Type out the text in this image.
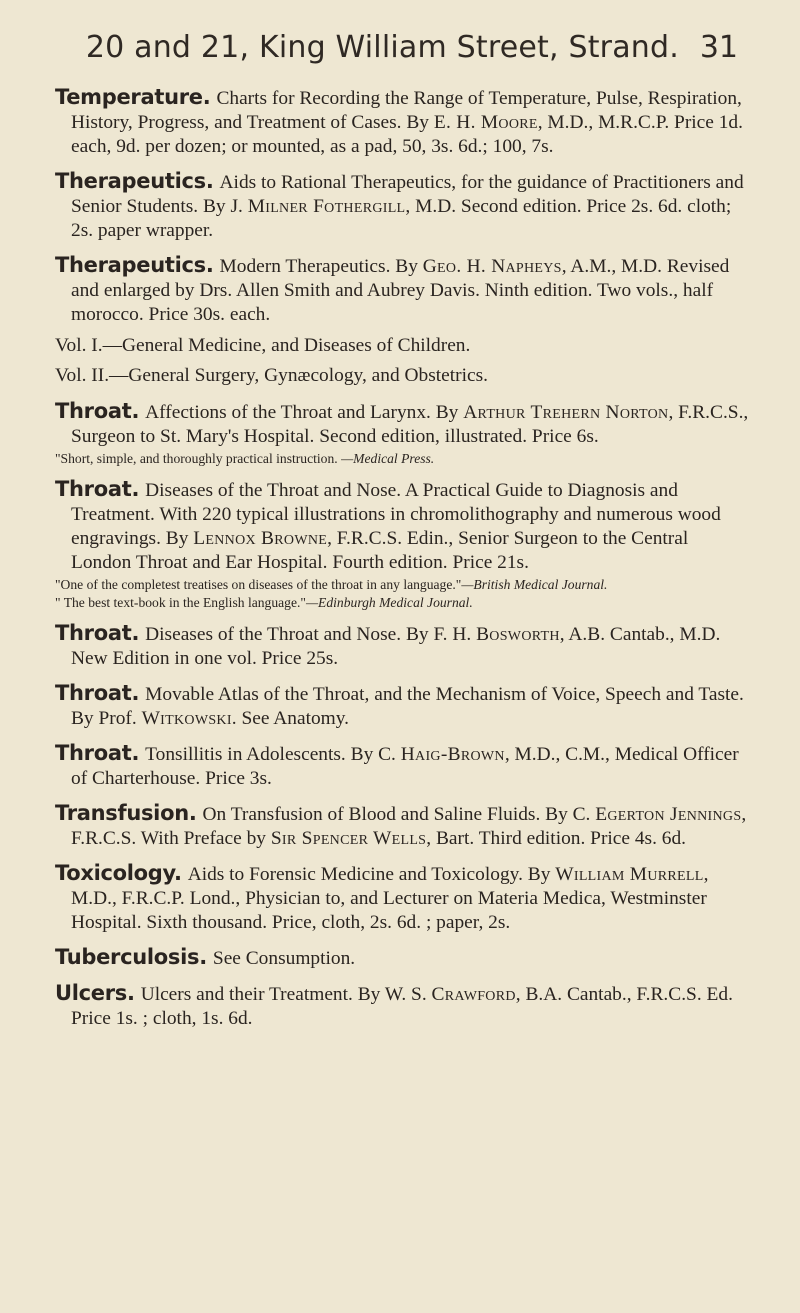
20 and 21, King William Street, Strand. 31
Temperature. Charts for Recording the Range of Temperature, Pulse, Respiration, History, Progress, and Treatment of Cases. By E. H. Moore, M.D., M.R.C.P. Price 1d. each, 9d. per dozen; or mounted, as a pad, 50, 3s. 6d.; 100, 7s.
Therapeutics. Aids to Rational Therapeutics, for the guidance of Practitioners and Senior Students. By J. Milner Fothergill, M.D. Second edition. Price 2s. 6d. cloth; 2s. paper wrapper.
Therapeutics. Modern Therapeutics. By Geo. H. Napheys, A.M., M.D. Revised and enlarged by Drs. Allen Smith and Aubrey Davis. Ninth edition. Two vols., half morocco. Price 30s. each.
Vol. I.—General Medicine, and Diseases of Children.
Vol. II.—General Surgery, Gynæcology, and Obstetrics.
Throat. Affections of the Throat and Larynx. By Arthur Trehern Norton, F.R.C.S., Surgeon to St. Mary's Hospital. Second edition, illustrated. Price 6s.
"Short, simple, and thoroughly practical instruction. —Medical Press.
Throat. Diseases of the Throat and Nose. A Practical Guide to Diagnosis and Treatment. With 220 typical illustrations in chromolithography and numerous wood engravings. By Lennox Browne, F.R.C.S. Edin., Senior Surgeon to the Central London Throat and Ear Hospital. Fourth edition. Price 21s.
"One of the completest treatises on diseases of the throat in any language."—British Medical Journal.
" The best text-book in the English language."—Edinburgh Medical Journal.
Throat. Diseases of the Throat and Nose. By F. H. Bosworth, A.B. Cantab., M.D. New Edition in one vol. Price 25s.
Throat. Movable Atlas of the Throat, and the Mechanism of Voice, Speech and Taste. By Prof. Witkowski. See Anatomy.
Throat. Tonsillitis in Adolescents. By C. Haig-Brown, M.D., C.M., Medical Officer of Charterhouse. Price 3s.
Transfusion. On Transfusion of Blood and Saline Fluids. By C. Egerton Jennings, F.R.C.S. With Preface by Sir Spencer Wells, Bart. Third edition. Price 4s. 6d.
Toxicology. Aids to Forensic Medicine and Toxicology. By William Murrell, M.D., F.R.C.P. Lond., Physician to, and Lecturer on Materia Medica, Westminster Hospital. Sixth thousand. Price, cloth, 2s. 6d. ; paper, 2s.
Tuberculosis. See Consumption.
Ulcers. Ulcers and their Treatment. By W. S. Crawford, B.A. Cantab., F.R.C.S. Ed. Price 1s. ; cloth, 1s. 6d.
